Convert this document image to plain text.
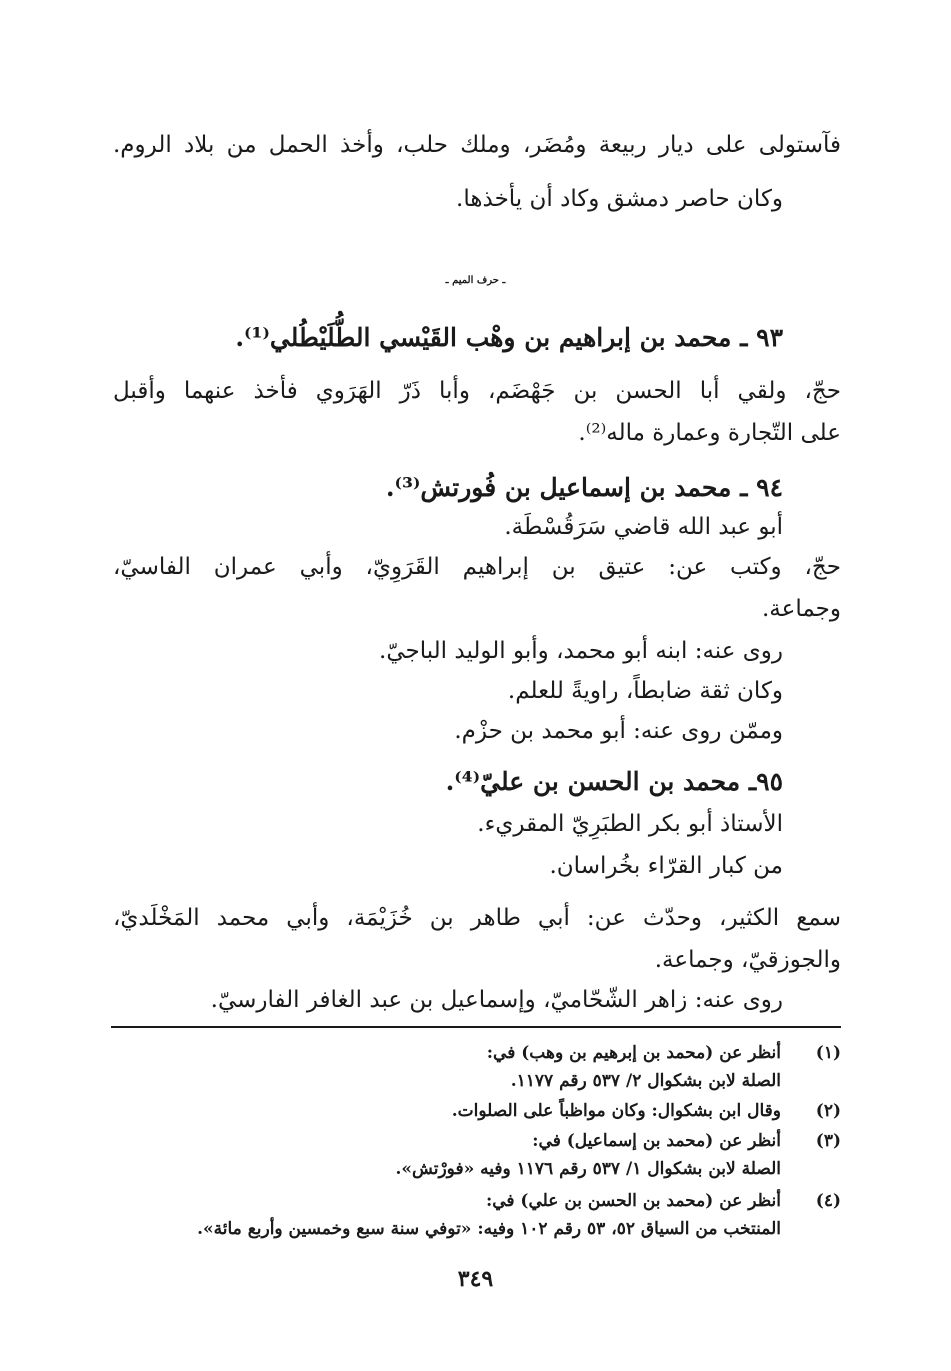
فآستولى على ديار ربيعة ومُضَر، وملك حلب، وأخذ الحمل من بلاد الروم.

وكان حاصر دمشق وكاد أن يأخذها.

ـ حرف الميم ـ

٩٣ ـ محمد بن إبراهيم بن وهْب القَيْسي الطُّلَيْطُلي⁽¹⁾.

حجّ، ولقي أبا الحسن بن جَهْضَم، وأبا ذَرّ الهَرَوي فأخذ عنهما وأقبل

على التّجارة وعمارة ماله⁽²⁾.

٩٤ ـ محمد بن إسماعيل بن فُورتش⁽³⁾.

أبو عبد الله قاضي سَرَقُسْطَة.

حجّ، وكتب عن: عتيق بن إبراهيم القَرَوِيّ، وأبي عمران الفاسيّ،

وجماعة.

روى عنه: ابنه أبو محمد، وأبو الوليد الباجيّ.

وكان ثقة ضابطاً، راويةً للعلم.

وممّن روى عنه: أبو محمد بن حزْم.

٩٥ـ محمد بن الحسن بن عليّ⁽⁴⁾.

الأستاذ أبو بكر الطبَرِيّ المقريء.

من كبار القرّاء بخُراسان.

سمع الكثير، وحدّث عن: أبي طاهر بن خُزَيْمَة، وأبي محمد المَخْلَديّ،

والجوزقيّ، وجماعة.

روى عنه: زاهر الشّحّاميّ، وإسماعيل بن عبد الغافر الفارسيّ.

(١)
أنظر عن (محمد بن إبرهيم بن وهب) في:
الصلة لابن بشكوال ٢/ ٥٣٧ رقم ١١٧٧.
(٢)
وقال ابن بشكوال: وكان مواظباً على الصلوات.
(٣)
أنظر عن (محمد بن إسماعيل) في:
الصلة لابن بشكوال ١/ ٥٣٧ رقم ١١٧٦ وفيه «فورْتش».
(٤)
أنظر عن (محمد بن الحسن بن علي) في:
المنتخب من السياق ٥٢، ٥٣ رقم ١٠٢ وفيه: «توفي سنة سبع وخمسين وأربع مائة».
٣٤٩
